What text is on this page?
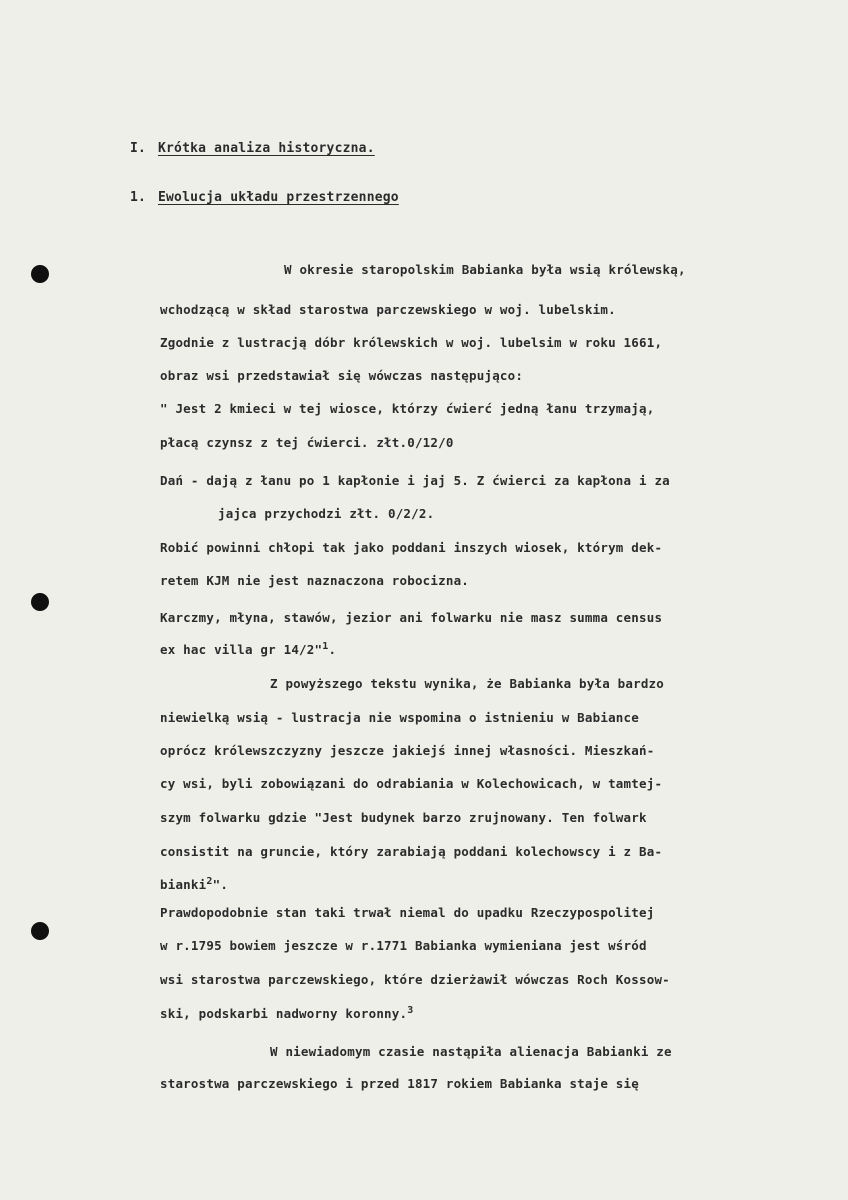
I. Krótka analiza historyczna.
1. Ewolucja układu przestrzennego
W okresie staropolskim Babianka była wsią królewską,
wchodzącą w skład starostwa parczewskiego w woj. lubelskim.
Zgodnie z lustracją dóbr królewskich w woj. lubelsim w roku 1661,
obraz wsi przedstawiał się wówczas następująco:
" Jest 2 kmieci w tej wiosce, którzy ćwierć jedną łanu trzymają,
płacą czynsz z tej ćwierci. złt.0/12/0
Dań - dają z łanu po 1 kapłonie i jaj 5. Z ćwierci za kapłona i za
jajca przychodzi złt. 0/2/2.
Robić powinni chłopi tak jako poddani inszych wiosek, którym dek-
retem KJM nie jest naznaczona robocizna.
Karczmy, młyna, stawów, jezior ani folwarku nie masz summa census
ex hac villa gr 14/2"$^1$.
Z powyższego tekstu wynika, że Babianka była bardzo
niewielką wsią - lustracja nie wspomina o istnieniu w Babiance
oprócz królewszczyzny jeszcze jakiejś innej własności. Mieszkań-
cy wsi, byli zobowiązani do odrabiania w Kolechowicach, w tamtej-
szym folwarku gdzie "Jest budynek barzo zrujnowany. Ten folwark
consistit na gruncie, który zarabiają poddani kolechowscy i z Ba-
bianki$^2$".
Prawdopodobnie stan taki trwał niemal do upadku Rzeczypospolitej
w r.1795 bowiem jeszcze w r.1771 Babianka wymieniana jest wśród
wsi starostwa parczewskiego, które dzierżawił wówczas Roch Kossow-
ski, podskarbi nadworny koronny.$^3$
W niewiadomym czasie nastąpiła alienacja Babianki ze
starostwa parczewskiego i przed 1817 rokiem Babianka staje się
